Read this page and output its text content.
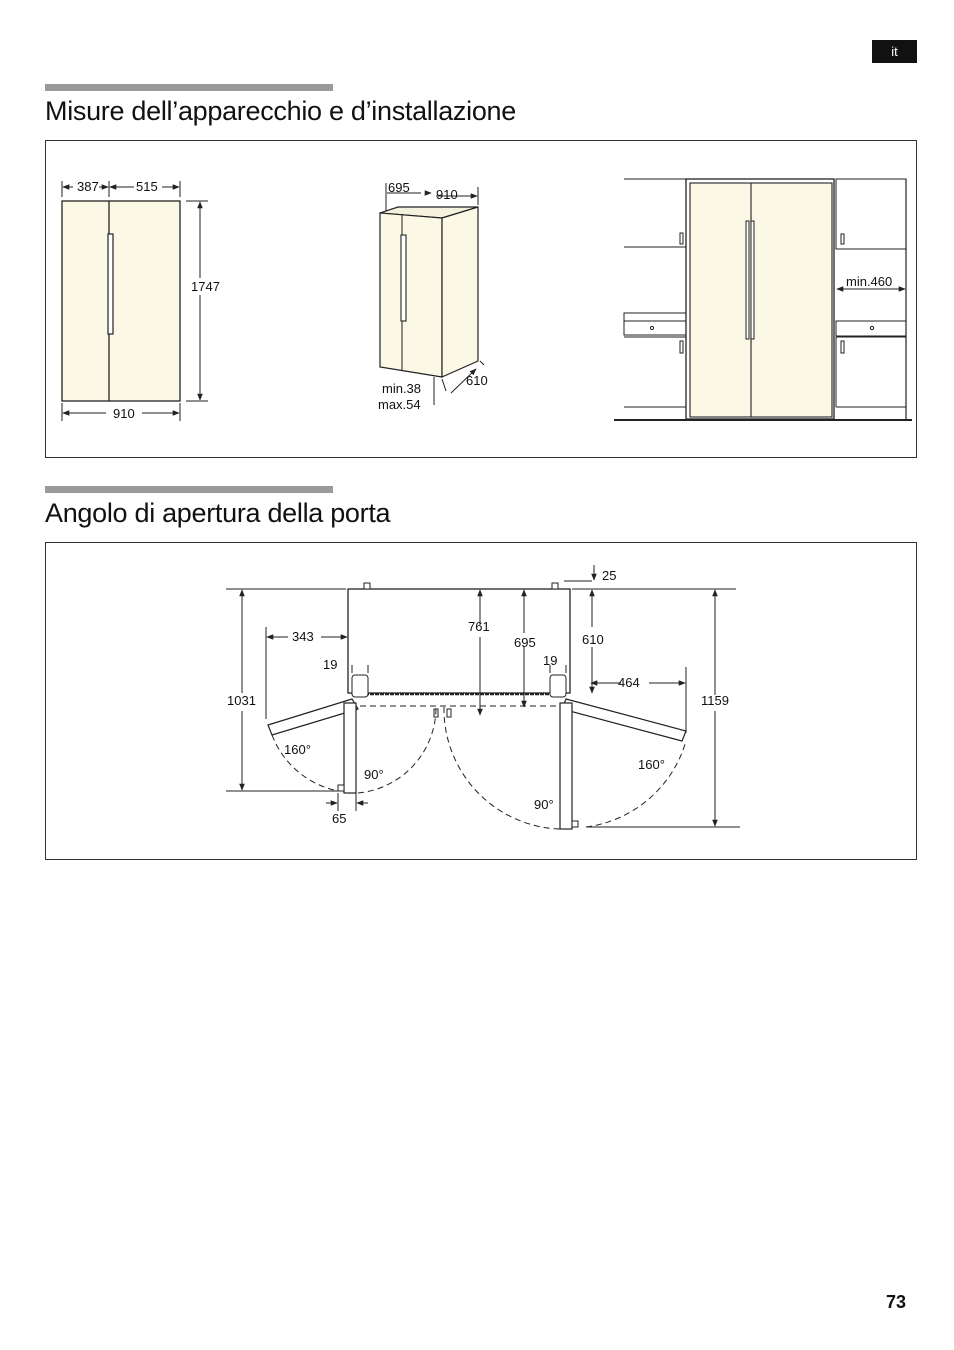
it
Misure dell’apparecchio e d’installazione
387	515
1747
910
695 910
610
min.38
max.54
min.460
Angolo di apertura della porta
1031	1159
343
464
761
695	610
25
19	19
160°
90°
160°
90°
65
73
